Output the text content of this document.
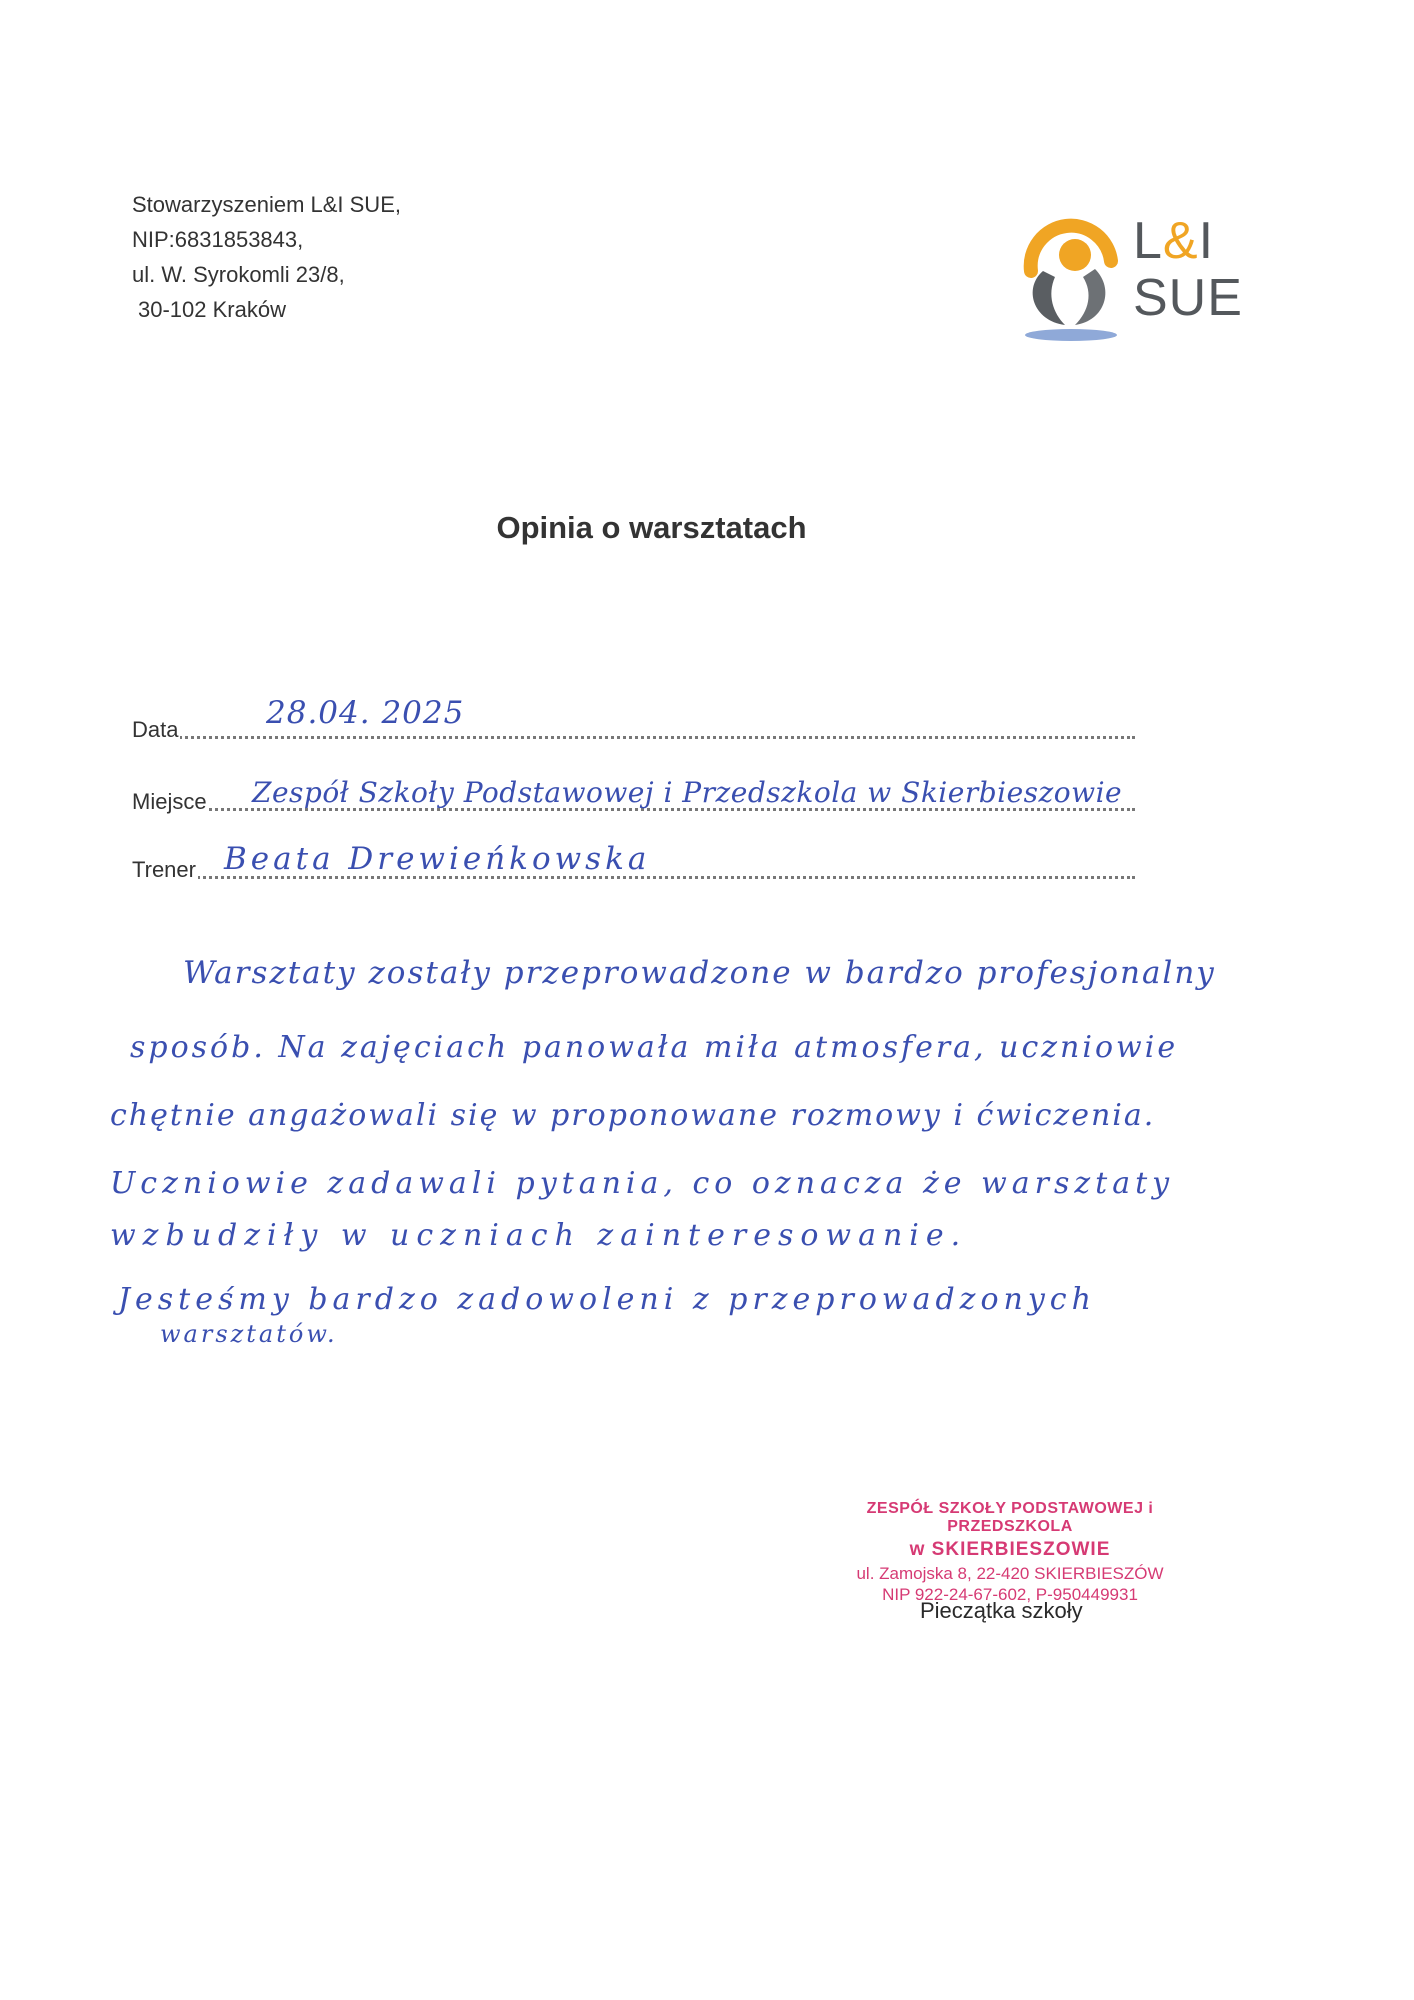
Stowarzyszeniem L&I SUE,
NIP:6831853843,
ul. W. Syrokomli 23/8,
30-102 Kraków
L&I
SUE
Opinia o warsztatach
Data	28.04. 2025
Miejsce Zespół Szkoły Podstawowej i Przedszkola w Skierbieszowie
Trener Beata Drewieńkowska
Warsztaty zostały przeprowadzone w bardzo profesjonalny
sposób. Na zajęciach panowała miła atmosfera, uczniowie
chętnie angażowali się w proponowane rozmowy i ćwiczenia.
Uczniowie zadawali pytania, co oznacza że warsztaty
wzbudziły w uczniach zainteresowanie.
Jesteśmy bardzo zadowoleni z przeprowadzonych
warsztatów.
ZESPÓŁ SZKOŁY PODSTAWOWEJ i PRZEDSZKOLA
w SKIERBIESZOWIE
ul. Zamojska 8, 22-420 SKIERBIESZÓW
NIP 922-24-67-602, P-950449931
Pieczątka szkoły
